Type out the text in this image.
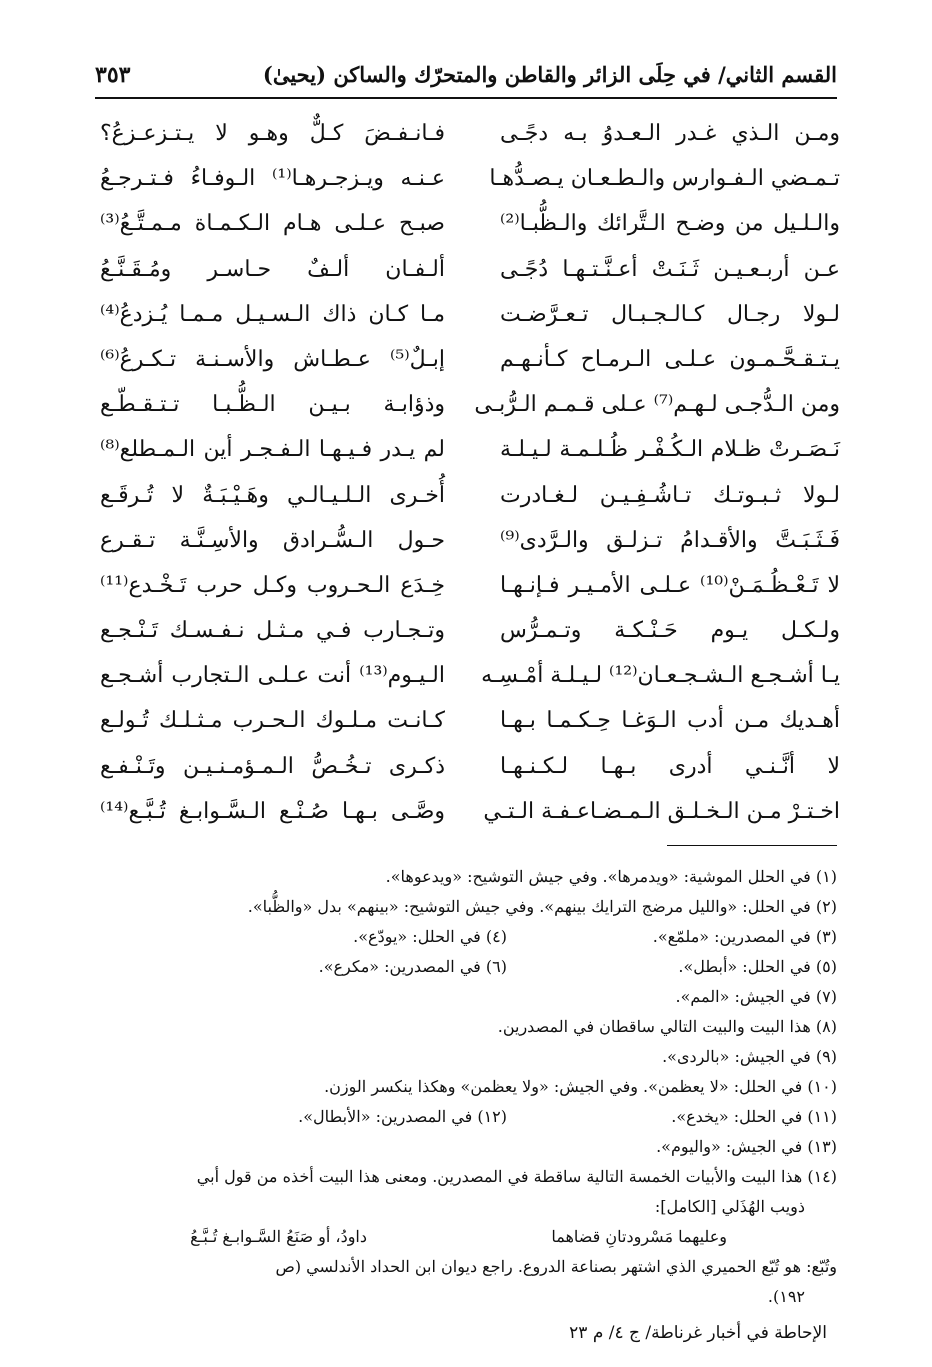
القسم الثاني/ في حِلَى الزائر والقاطن والمتحرّك والساكن (يحيىٰ)
٣٥٣
ومـن الـذي غـدر الـعـدوُ بـه دجًـى
فـانـفـضَ كـلٌّ وهـو لا يـتـزعـزعُ؟
تـمـضي الـفـوارس والـطـعـان يـصـدُّهـا
عـنـه ويـزجـرهـا⁽¹⁾ الـوفـاءُ فـتـرجـعُ
والـلـيل من وضـح الـتَّرائك والـظُّبـا⁽²⁾
صبـح عـلـى هـام الـكـمـاة مـمـتَّـعُ⁽³⁾
عـن أربـعـيـن ثَـنَـتْ أعـنَّـتـهـا دُجًـى
ألـفـان ألـفٌ حـاسـر ومُـقَـنَّـعُ
لـولا رجـال كـالـجـبـال تـعـرَّضـت
مـا كـان ذاك الـسـيـل مـمـا يُـزدعُ⁽⁴⁾
يـتـقـحَّـمـون عـلـى الـرمـاح كـأنـهـم
إبـلٌ⁽⁵⁾ عـطـاش والأسـنـة تـكـرعُ⁽⁶⁾
ومن الـدُّجـى لـهـم⁽⁷⁾ عـلى قـمـم الـرُّبـى
وذؤابـة بـيـن الـظُّـبـا تـتـقـطّـع
نَـصَـرتْ ظـلام الـكُـفْـر ظُـلـمـة لـيـلـة
لم يـدر فـيـهـا الـفـجـر أين الـمـطلع⁽⁸⁾
لـولا ثـبـوتـك تـاشُـفِـيـن لـغـادرت
أُخـرى الـلـيـالـي وهَـيْـبَـةٌ لا تُـرقَـع
فَـثَـبَـتَّ والأقـدامُ تـزلـق والـرَّدى⁽⁹⁾
حـول الـسُّـرادق والأسِـنَّـة تـقـرع
لا تَـعْـظُـمَـنْ⁽¹⁰⁾ عـلـى الأمـيـر فـإنـهـا
خِـدَع الـحـروب وكـل حرب تَـخْـدع⁽¹¹⁾
ولـكـل يـوم حَـنْـكـة وتـمـرُّس
وتـجـارب فـي مـثـل نـفـسـك تَـنْـجـع
يـا أشـجـع الـشـجـعـان⁽¹²⁾ لـيـلـة أمْـسِـه
الـيـوم⁽¹³⁾ أنت عـلـى الـتجارب أشـجـع
أهـديك مـن أدب الـوَغـا حِـكـمـا بـهـا
كـانـت مـلـوك الـحـرب مـثـلـك تُـولـع
لا أنَّـنـي أدرى بـهـا لـكـنـهـا
ذكـرى تـخُـصُّ الـمـؤمـنـيـن وتَـنْـفـع
اخـتـرْ مـن الـخـلـق الـمـضـاعـفـة الـتـي
وصَّـى بـهـا صُـنْـع الـسَّـوابـغ تُـبَّـع⁽¹⁴⁾
(١) في الحلل الموشية: «ويدمرها». وفي جيش التوشيح: «ويدعوها».
(٢) في الحلل: «والليل مرضج الترايك بينهم». وفي جيش التوشيح: «بينهم» بدل «والظُّبا».
(٣) في المصدرين: «ملمّع».
(٤) في الحلل: «يودّع».
(٥) في الحلل: «أبطل».
(٦) في المصدرين: «مكرع».
(٧) في الجيش: «المم».
(٨) هذا البيت والبيت التالي ساقطان في المصدرين.
(٩) في الجيش: «بالردى».
(١٠) في الحلل: «لا يعظمن». وفي الجيش: «ولا يعظمن» وهكذا ينكسر الوزن.
(١١) في الحلل: «يخدع».
(١٢) في المصدرين: «الأبطال».
(١٣) في الجيش: «واليوم».
(١٤) هذا البيت والأبيات الخمسة التالية ساقطة في المصدرين. ومعنى هذا البيت أخذه من قول أبي
ذويب الهُذَلي [الكامل]:
وعليهما مَسْرودتانِ قضاهما
داودُ، أو صَنَعُ السَّـوابـغ تُـبَّـعُ
وتُبّع: هو تُبّع الحميري الذي اشتهر بصناعة الدروع. راجع ديوان ابن الحداد الأندلسي (ص
١٩٢).
الإحاطة في أخبار غرناطة/ ج ٤/ م ٢٣
